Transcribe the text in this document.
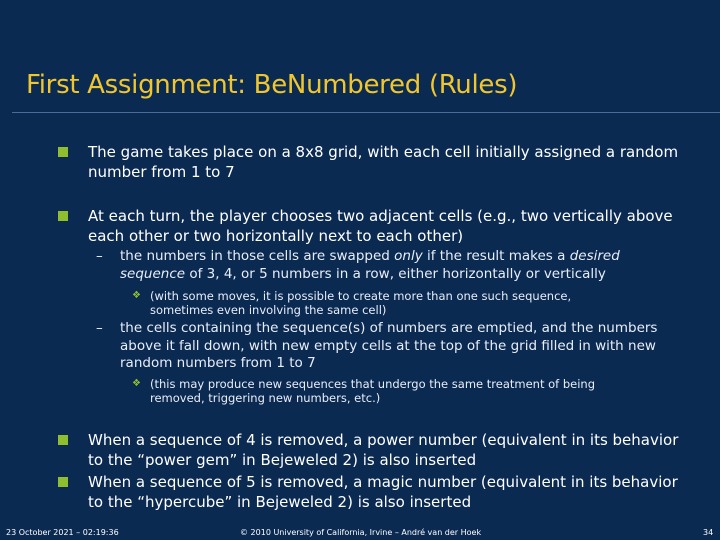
First Assignment: BeNumbered (Rules)
The game takes place on a 8x8 grid, with each cell initially assigned a random number from 1 to 7
At each turn, the player chooses two adjacent cells (e.g., two vertically above each other or two horizontally next to each other)
– the numbers in those cells are swapped only if the result makes a desired sequence of 3, 4, or 5 numbers in a row, either horizontally or vertically
❖ (with some moves, it is possible to create more than one such sequence, sometimes even involving the same cell)
– the cells containing the sequence(s) of numbers are emptied, and the numbers above it fall down, with new empty cells at the top of the grid filled in with new random numbers from 1 to 7
❖ (this may produce new sequences that undergo the same treatment of being removed, triggering new numbers, etc.)
When a sequence of 4 is removed, a power number (equivalent in its behavior to the “power gem” in Bejeweled 2) is also inserted
When a sequence of 5 is removed, a magic number (equivalent in its behavior to the “hypercube” in Bejeweled 2) is also inserted
23 October 2021 – 02:19:36	© 2010 University of California, Irvine – André van der Hoek	34
